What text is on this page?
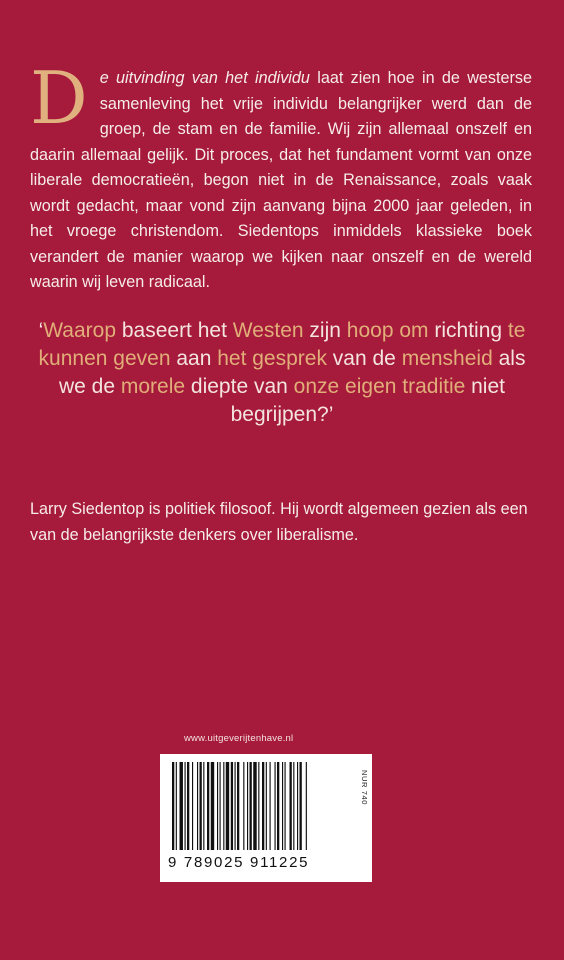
De uitvinding van het individu laat zien hoe in de westerse samenleving het vrije individu belangrijker werd dan de groep, de stam en de familie. Wij zijn allemaal onszelf en daarin allemaal gelijk. Dit proces, dat het fundament vormt van onze liberale democratieën, begon niet in de Renaissance, zoals vaak wordt gedacht, maar vond zijn aanvang bijna 2000 jaar geleden, in het vroege christendom. Siedentops inmiddels klassieke boek verandert de manier waarop we kijken naar onszelf en de wereld waarin wij leven radicaal.
‘Waarop baseert het Westen zijn hoop om richting te kunnen geven aan het gesprek van de mensheid als we de morele diepte van onze eigen traditie niet begrijpen?’
Larry Siedentop is politiek filosoof. Hij wordt algemeen gezien als een van de belangrijkste denkers over liberalisme.
www.uitgeverijtenhave.nl
9 789025 911225
NUR 740
